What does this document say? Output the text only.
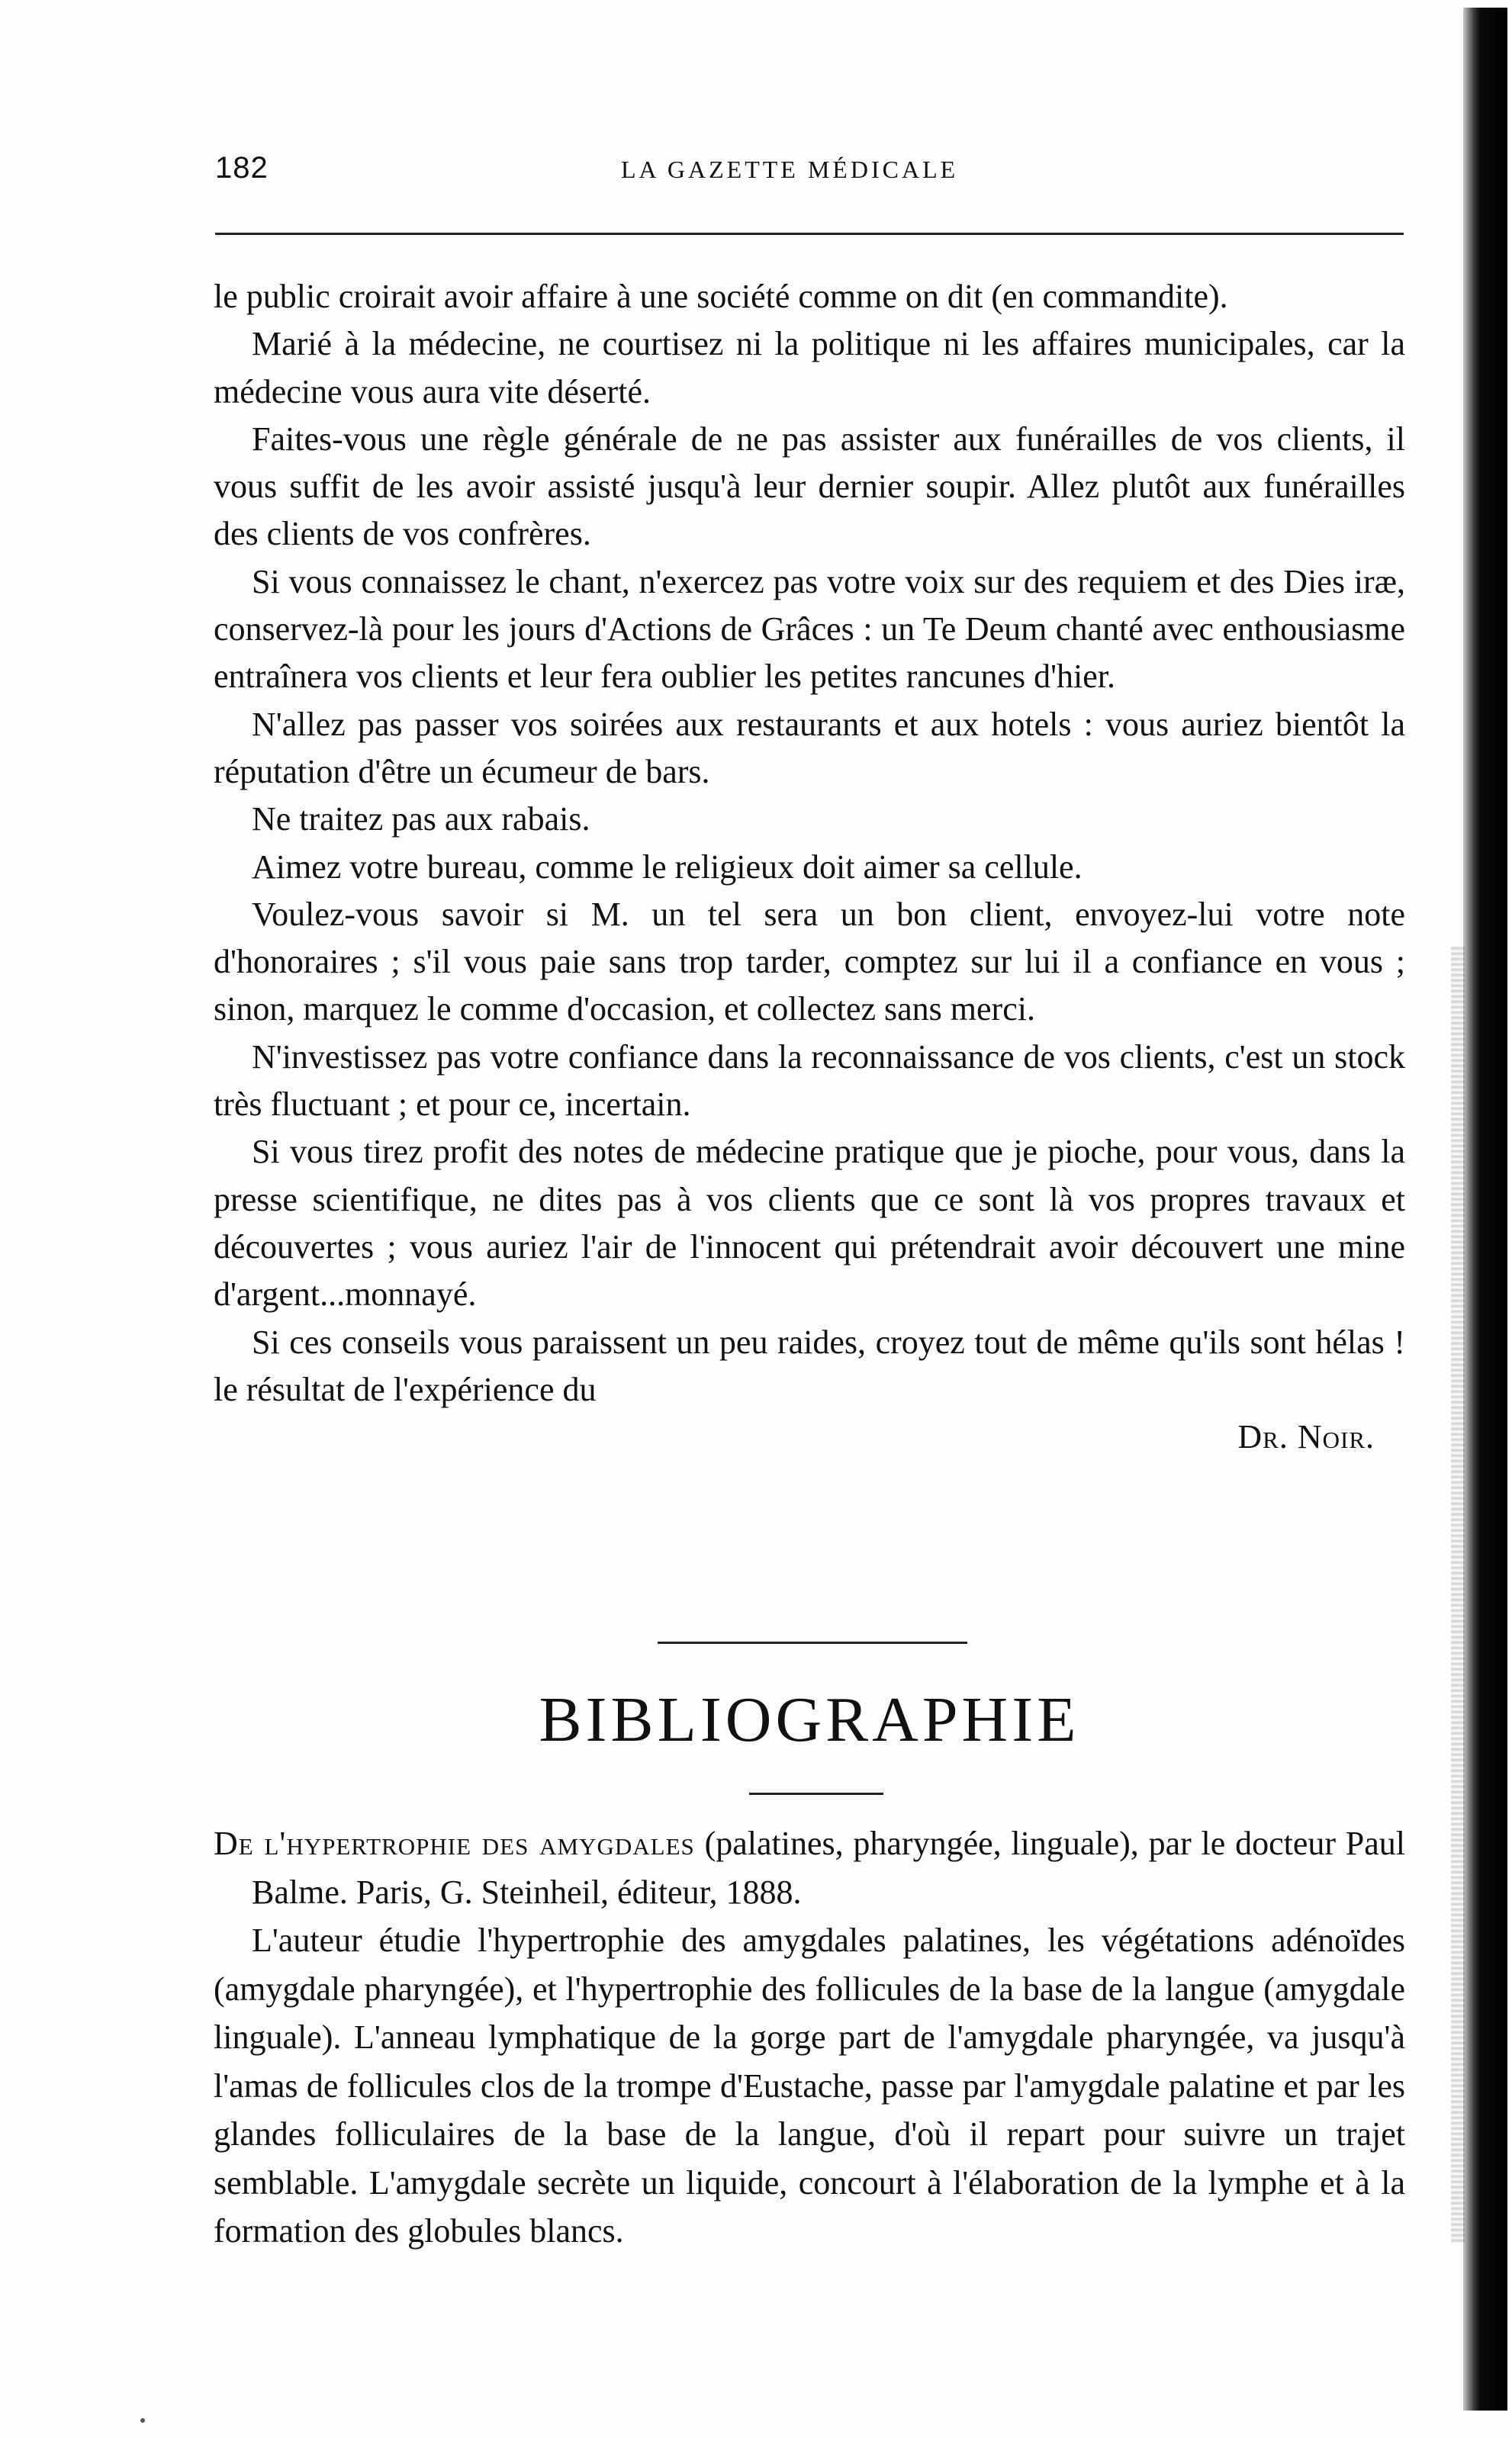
182	LA GAZETTE MÉDICALE

le public croirait avoir affaire à une société comme on dit (en commandite).

Marié à la médecine, ne courtisez ni la politique ni les affaires municipales, car la médecine vous aura vite déserté.

Faites-vous une règle générale de ne pas assister aux funérailles de vos clients, il vous suffit de les avoir assisté jusqu'à leur dernier soupir. Allez plutôt aux funérailles des clients de vos confrères.

Si vous connaissez le chant, n'exercez pas votre voix sur des requiem et des Dies iræ, conservez-là pour les jours d'Actions de Grâces : un Te Deum chanté avec enthousiasme entraînera vos clients et leur fera oublier les petites rancunes d'hier.

N'allez pas passer vos soirées aux restaurants et aux hotels : vous auriez bientôt la réputation d'être un écumeur de bars.

Ne traitez pas aux rabais.

Aimez votre bureau, comme le religieux doit aimer sa cellule.

Voulez-vous savoir si M. un tel sera un bon client, envoyez-lui votre note d'honoraires ; s'il vous paie sans trop tarder, comptez sur lui il a confiance en vous ; sinon, marquez le comme d'occasion, et collectez sans merci.

N'investissez pas votre confiance dans la reconnaissance de vos clients, c'est un stock très fluctuant ; et pour ce, incertain.

Si vous tirez profit des notes de médecine pratique que je pioche, pour vous, dans la presse scientifique, ne dites pas à vos clients que ce sont là vos propres travaux et découvertes ; vous auriez l'air de l'innocent qui prétendrait avoir découvert une mine d'argent...monnayé.

Si ces conseils vous paraissent un peu raides, croyez tout de même qu'ils sont hélas ! le résultat de l'expérience du

Dr. Noir.
BIBLIOGRAPHIE

De l'hypertrophie des amygdales (palatines, pharyngée, linguale), par le docteur Paul Balme. Paris, G. Steinheil, éditeur, 1888.

L'auteur étudie l'hypertrophie des amygdales palatines, les végétations adénoïdes (amygdale pharyngée), et l'hypertrophie des follicules de la base de la langue (amygdale linguale). L'anneau lymphatique de la gorge part de l'amygdale pharyngée, va jusqu'à l'amas de follicules clos de la trompe d'Eustache, passe par l'amygdale palatine et par les glandes folliculaires de la base de la langue, d'où il repart pour suivre un trajet semblable. L'amygdale secrète un liquide, concourt à l'élaboration de la lymphe et à la formation des globules blancs.
